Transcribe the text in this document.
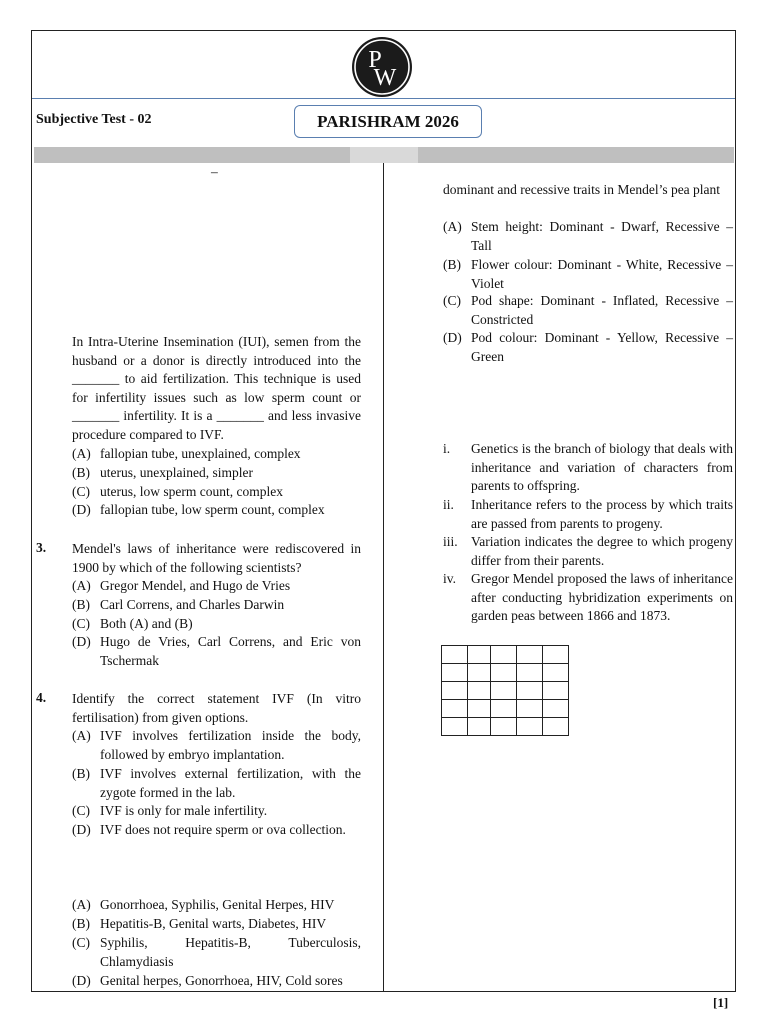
P
W
Subjective Test - 02	PARISHRAM 2026
–
In Intra-Uterine Insemination (IUI), semen from the husband or a donor is directly introduced into the _______ to aid fertilization. This technique is used for infertility issues such as low sperm count or _______ infertility. It is a _______ and less invasive procedure compared to IVF.
(A) fallopian tube, unexplained, complex
(B) uterus, unexplained, simpler
(C) uterus, low sperm count, complex
(D) fallopian tube, low sperm count, complex
3. Mendel's laws of inheritance were rediscovered in 1900 by which of the following scientists?
(A) Gregor Mendel, and Hugo de Vries
(B) Carl Correns, and Charles Darwin
(C) Both (A) and (B)
(D) Hugo de Vries, Carl Correns, and Eric von Tschermak
4. Identify the correct statement IVF (In vitro fertilisation) from given options.
(A) IVF involves fertilization inside the body, followed by embryo implantation.
(B) IVF involves external fertilization, with the zygote formed in the lab.
(C) IVF is only for male infertility.
(D) IVF does not require sperm or ova collection.
(A) Gonorrhoea, Syphilis, Genital Herpes, HIV
(B) Hepatitis-B, Genital warts, Diabetes, HIV
(C) Syphilis, Hepatitis-B, Tuberculosis, Chlamydiasis
(D) Genital herpes, Gonorrhoea, HIV, Cold sores
dominant and recessive traits in Mendel’s pea plant
(A) Stem height: Dominant - Dwarf, Recessive – Tall
(B) Flower colour: Dominant - White, Recessive – Violet
(C) Pod shape: Dominant - Inflated, Recessive – Constricted
(D) Pod colour: Dominant - Yellow, Recessive – Green
i. Genetics is the branch of biology that deals with inheritance and variation of characters from parents to offspring.
ii. Inheritance refers to the process by which traits are passed from parents to progeny.
iii. Variation indicates the degree to which progeny differ from their parents.
iv. Gregor Mendel proposed the laws of inheritance after conducting hybridization experiments on garden peas between 1866 and 1873.

[1]
